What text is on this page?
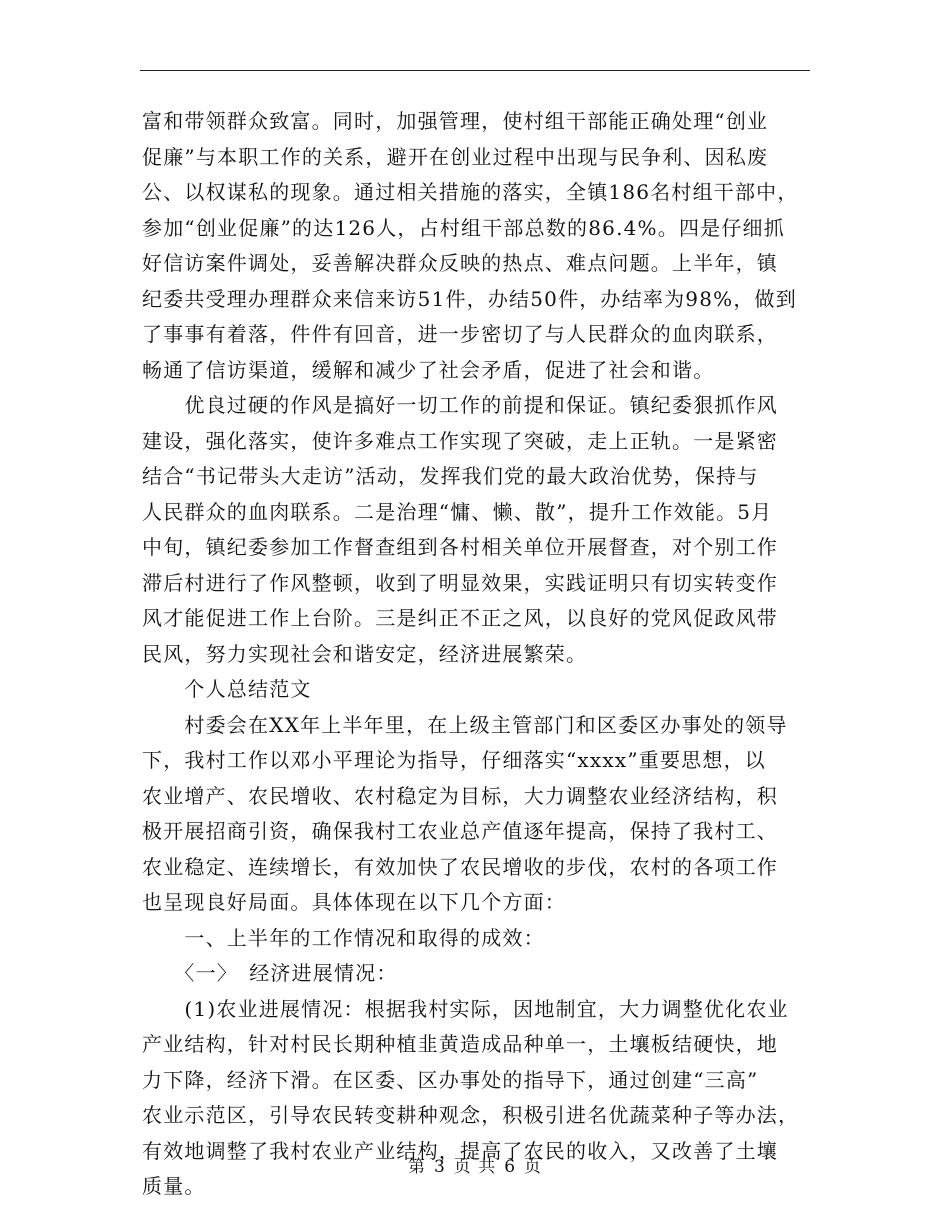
富和带领群众致富。同时，加强管理，使村组干部能正确处理“创业
促廉”与本职工作的关系，避开在创业过程中出现与民争利、因私废
公、以权谋私的现象。通过相关措施的落实，全镇186名村组干部中，
参加“创业促廉”的达126人，占村组干部总数的86.4%。四是仔细抓
好信访案件调处，妥善解决群众反映的热点、难点问题。上半年，镇
纪委共受理办理群众来信来访51件，办结50件，办结率为98%，做到
了事事有着落，件件有回音，进一步密切了与人民群众的血肉联系，
畅通了信访渠道，缓解和减少了社会矛盾，促进了社会和谐。
　　优良过硬的作风是搞好一切工作的前提和保证。镇纪委狠抓作风
建设，强化落实，使许多难点工作实现了突破，走上正轨。一是紧密
结合“书记带头大走访”活动，发挥我们党的最大政治优势，保持与
人民群众的血肉联系。二是治理“慵、懒、散”，提升工作效能。5月
中旬，镇纪委参加工作督查组到各村相关单位开展督查，对个别工作
滞后村进行了作风整顿，收到了明显效果，实践证明只有切实转变作
风才能促进工作上台阶。三是纠正不正之风，以良好的党风促政风带
民风，努力实现社会和谐安定，经济进展繁荣。
　　个人总结范文
　　村委会在XX年上半年里，在上级主管部门和区委区办事处的领导
下，我村工作以邓小平理论为指导，仔细落实“xxxx”重要思想，以
农业增产、农民增收、农村稳定为目标，大力调整农业经济结构，积
极开展招商引资，确保我村工农业总产值逐年提高，保持了我村工、
农业稳定、连续增长，有效加快了农民增收的步伐，农村的各项工作
也呈现良好局面。具体体现在以下几个方面：
　　一、上半年的工作情况和取得的成效：
　　〈一〉　经济进展情况：
　　(1)农业进展情况：根据我村实际，因地制宜，大力调整优化农业
产业结构，针对村民长期种植韭黄造成品种单一，土壤板结硬快，地
力下降，经济下滑。在区委、区办事处的指导下，通过创建“三高”
农业示范区，引导农民转变耕种观念，积极引进名优蔬菜种子等办法，
有效地调整了我村农业产业结构，提高了农民的收入，又改善了土壤
质量。
第 3 页 共 6 页
